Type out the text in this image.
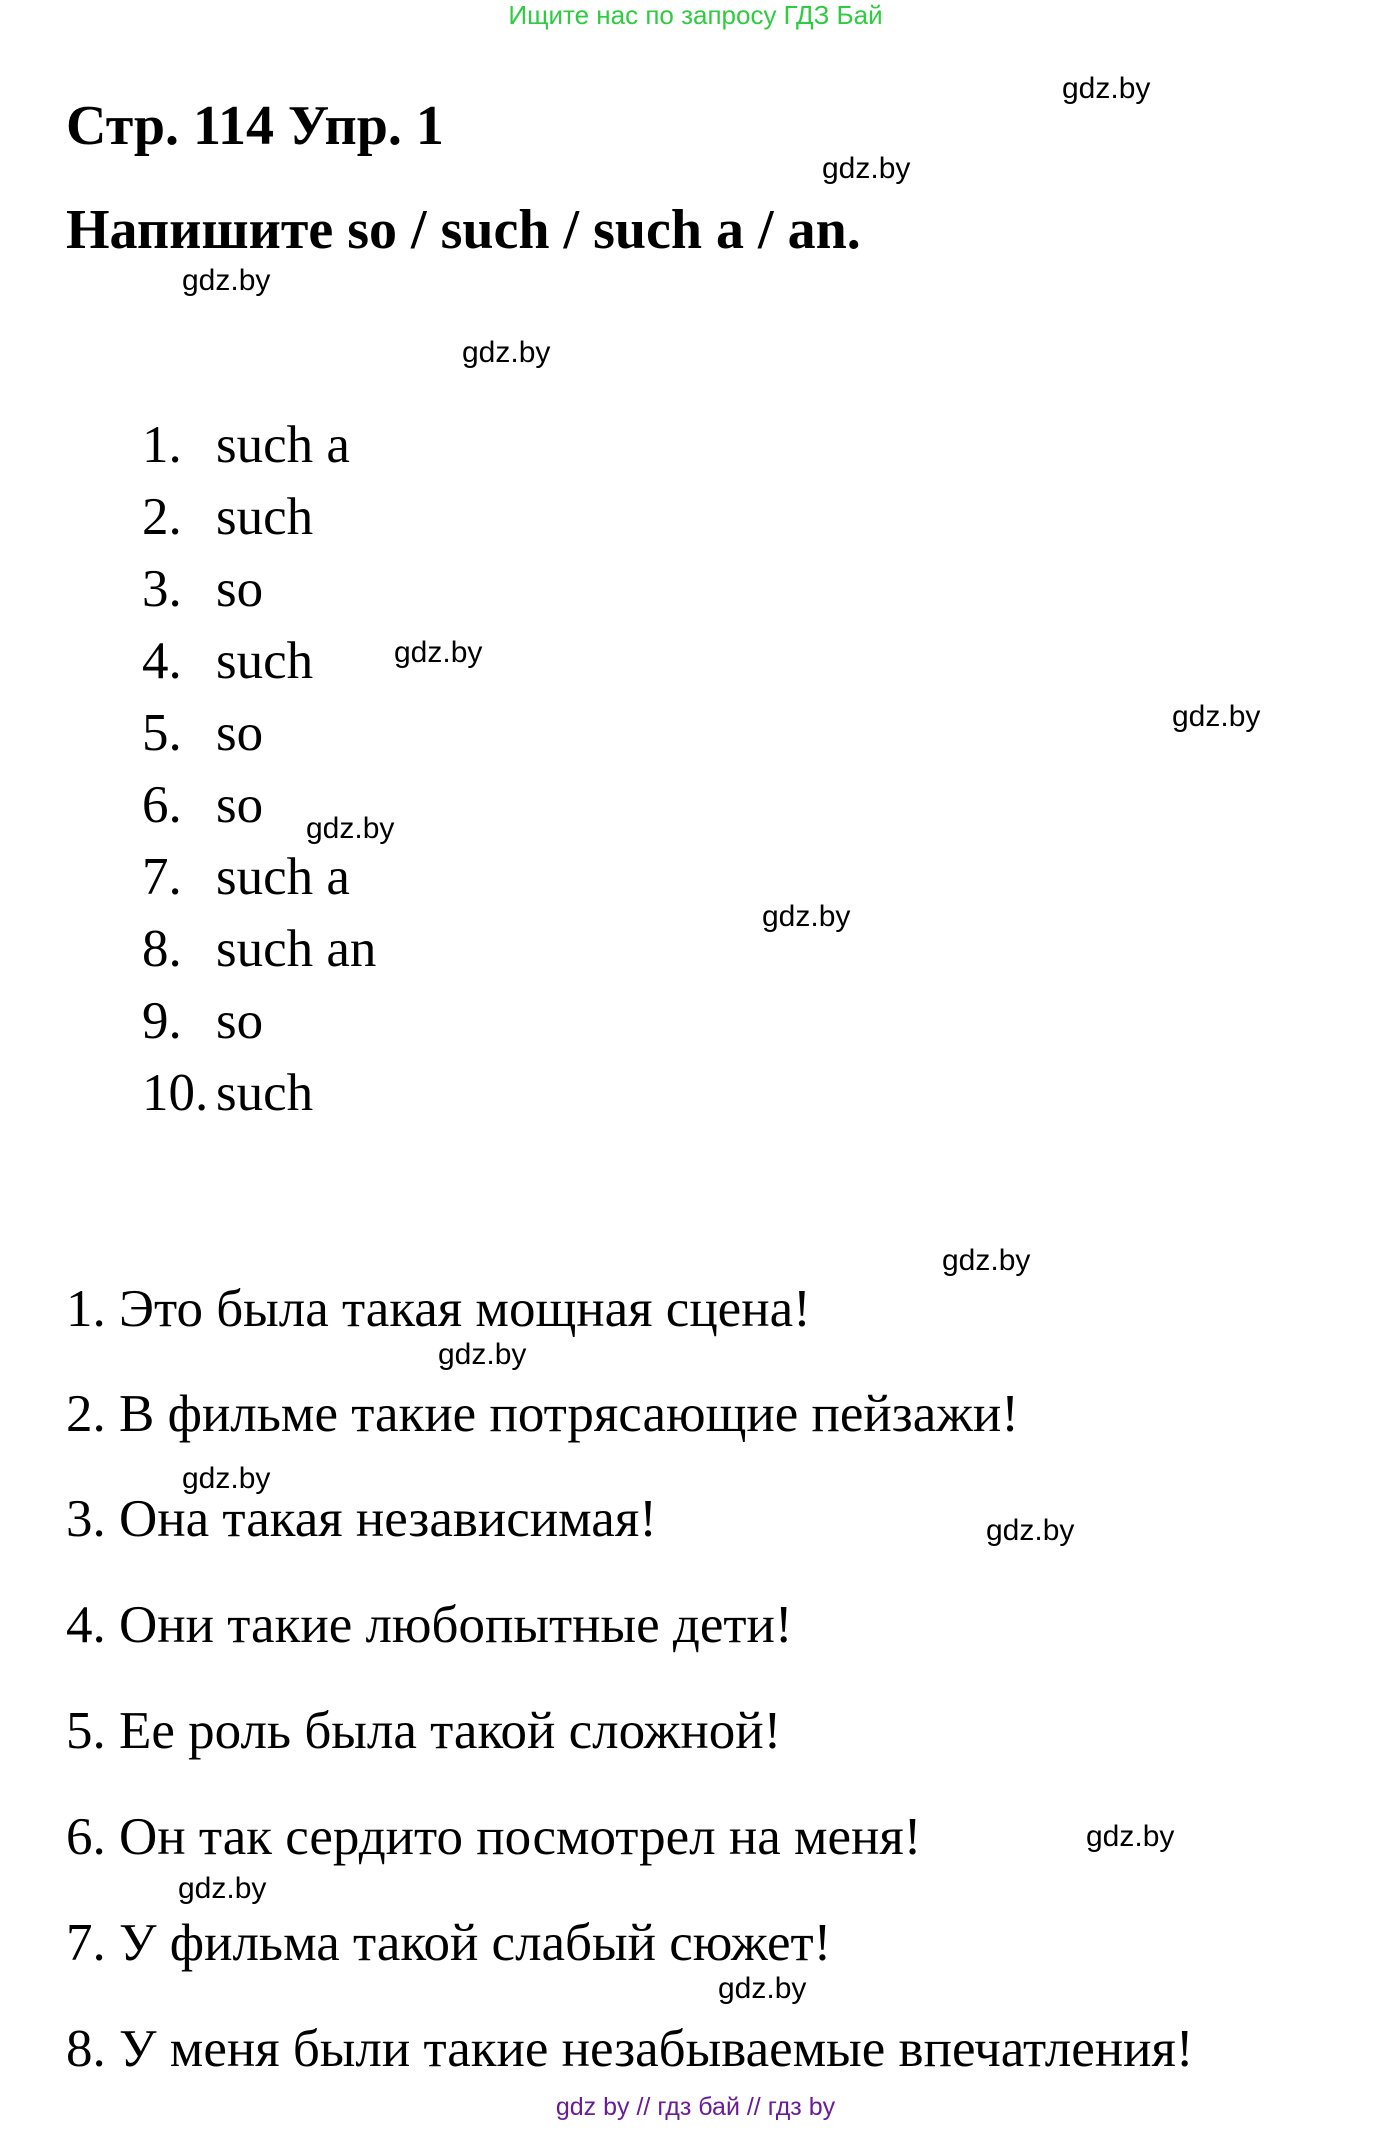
Ищите нас по запросу ГДЗ Бай
Стр. 114 Упр. 1
Напишите so / such / such a / an.
1. such a
2. such
3. so
4. such
5. so
6. so
7. such a
8. such an
9. so
10. such
1. Это была такая мощная сцена!
2. В фильме такие потрясающие пейзажи!
3. Она такая независимая!
4. Они такие любопытные дети!
5. Ее роль была такой сложной!
6. Он так сердито посмотрел на меня!
7. У фильма такой слабый сюжет!
8. У меня были такие незабываемые впечатления!
gdz.by
gdz.by
gdz.by
gdz.by
gdz.by
gdz.by
gdz.by
gdz.by
gdz.by
gdz.by
gdz.by
gdz.by
gdz.by
gdz.by
gdz.by
gdz by // гдз бай // гдз by
